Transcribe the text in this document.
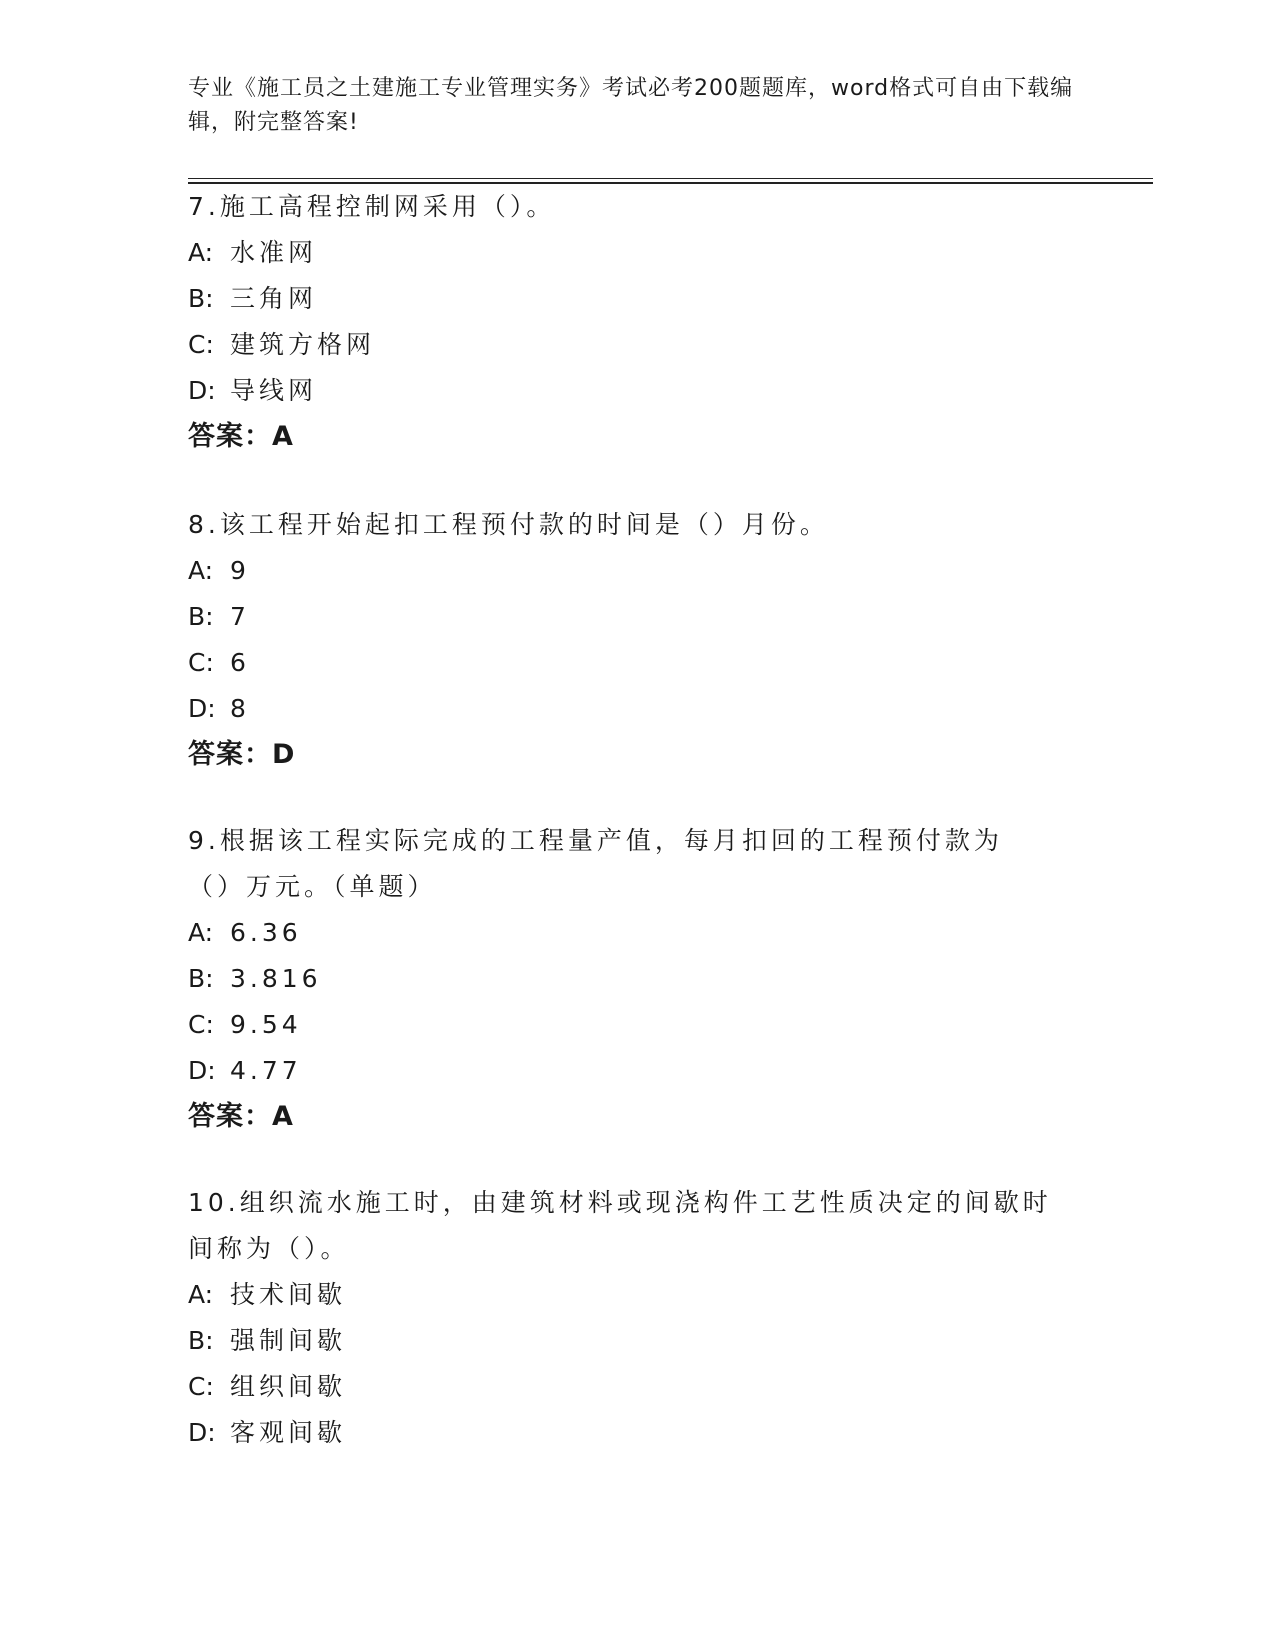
专业《施工员之土建施工专业管理实务》考试必考200题题库，word格式可自由下载编辑，附完整答案!

7.施工高程控制网采用（）。

A: 水准网

B: 三角网

C: 建筑方格网

D: 导线网

答案：A

8.该工程开始起扣工程预付款的时间是（）月份。

A: 9

B: 7

C: 6

D: 8

答案：D

9.根据该工程实际完成的工程量产值，每月扣回的工程预付款为（）万元。（单题）

A: 6.36

B: 3.816

C: 9.54

D: 4.77

答案：A

10.组织流水施工时，由建筑材料或现浇构件工艺性质决定的间歇时间称为（）。

A: 技术间歇

B: 强制间歇

C: 组织间歇

D: 客观间歇
